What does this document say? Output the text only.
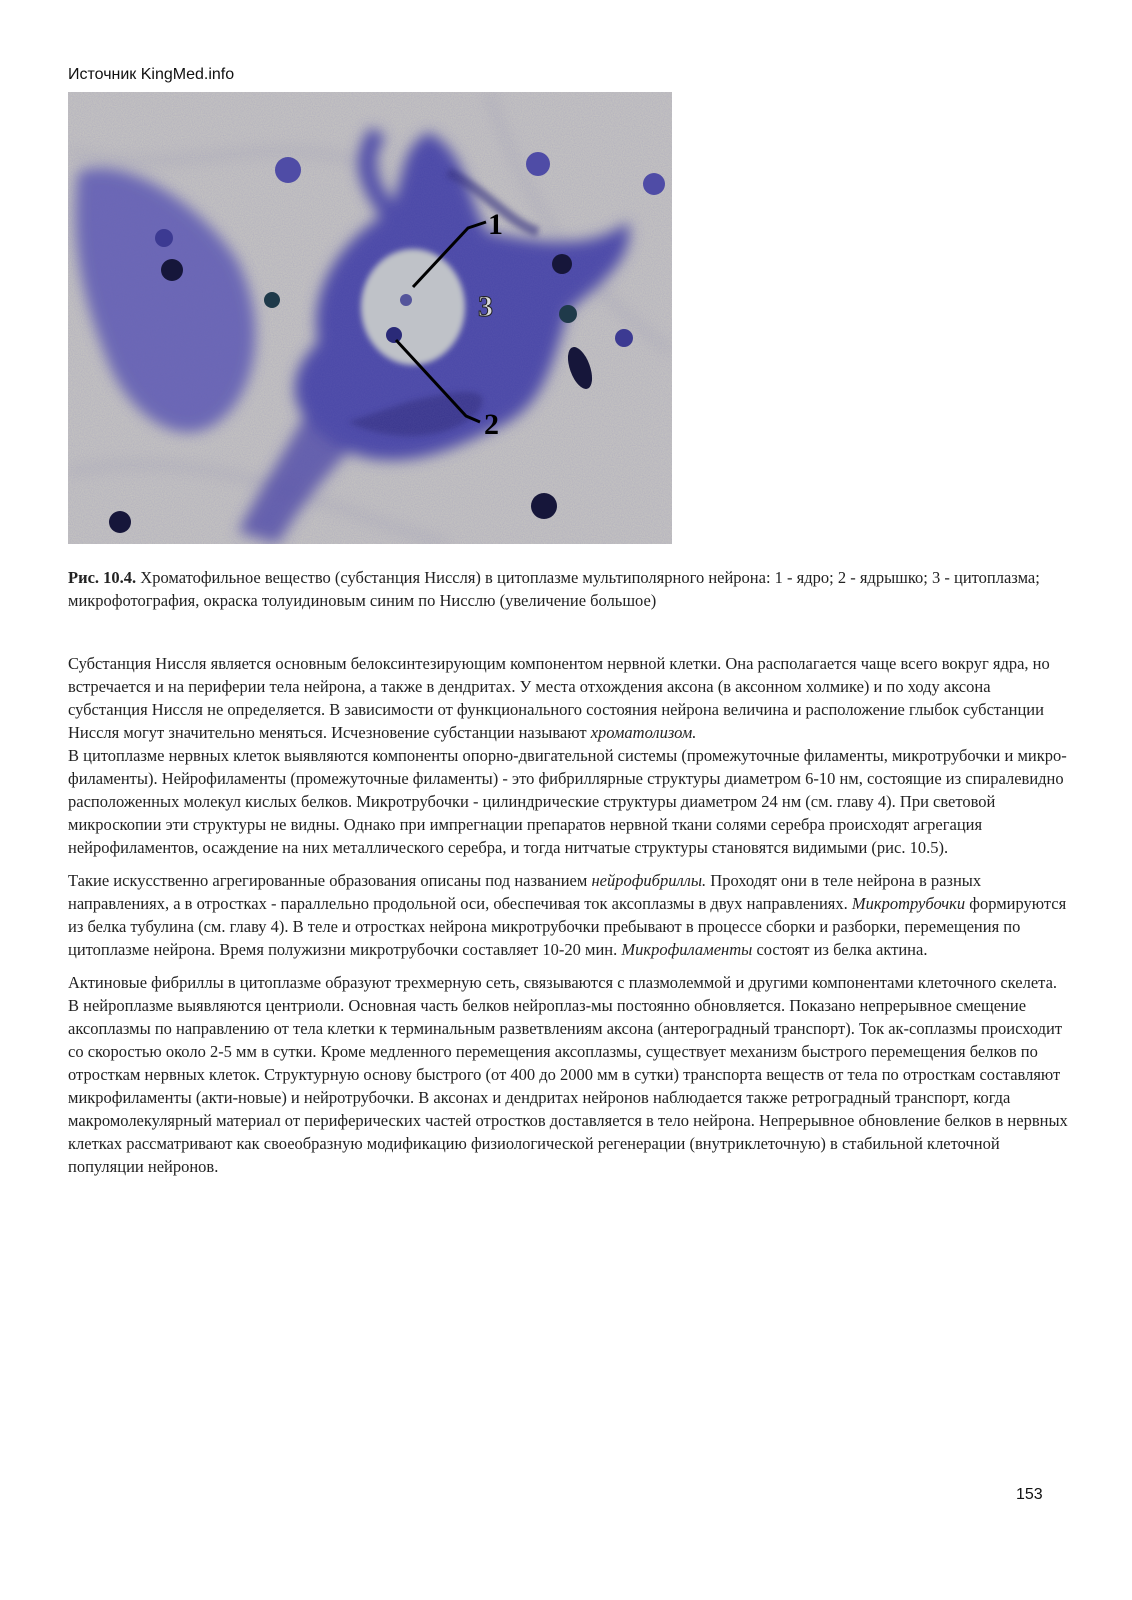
Источник KingMed.info
1
2
3
Рис. 10.4. Хроматофильное вещество (субстанция Ниссля) в цитоплазме мультиполярного нейрона: 1 - ядро; 2 - ядрышко; 3 - цитоплазма; микрофотография, окраска толуидиновым синим по Нисслю (увеличение большое)

Субстанция Ниссля является основным белоксинтезирующим компонентом нервной клетки. Она располагается чаще всего вокруг ядра, но встречается и на периферии тела нейрона, а также в дендритах. У места отхождения аксона (в аксонном холмике) и по ходу аксона субстанция Ниссля не определяется. В зависимости от функционального состояния нейрона величина и расположение глыбок субстанции Ниссля могут значительно меняться. Исчезновение субстанции называют хроматолизом.

В цитоплазме нервных клеток выявляются компоненты опорно-двигательной системы (промежуточные филаменты, микротрубочки и микро-филаменты). Нейрофиламенты (промежуточные филаменты) - это фибриллярные структуры диаметром 6-10 нм, состоящие из спиралевидно расположенных молекул кислых белков. Микротрубочки - цилиндрические структуры диаметром 24 нм (см. главу 4). При световой микроскопии эти структуры не видны. Однако при импрегнации препаратов нервной ткани солями серебра происходят агрегация нейрофиламентов, осаждение на них металлического серебра, и тогда нитчатые структуры становятся видимыми (рис. 10.5).

Такие искусственно агрегированные образования описаны под названием нейрофибриллы. Проходят они в теле нейрона в разных направлениях, а в отростках - параллельно продольной оси, обеспечивая ток аксоплазмы в двух направлениях. Микротрубочки формируются из белка тубулина (см. главу 4). В теле и отростках нейрона микротрубочки пребывают в процессе сборки и разборки, перемещения по цитоплазме нейрона. Время полужизни микротрубочки составляет 10-20 мин. Микрофиламенты состоят из белка актина.

Актиновые фибриллы в цитоплазме образуют трехмерную сеть, связываются с плазмолеммой и другими компонентами клеточного скелета. В нейроплазме выявляются центриоли. Основная часть белков нейроплаз-мы постоянно обновляется. Показано непрерывное смещение аксоплазмы по направлению от тела клетки к терминальным разветвлениям аксона (антероградный транспорт). Ток ак-соплазмы происходит со скоростью около 2-5 мм в сутки. Кроме медленного перемещения аксоплазмы, существует механизм быстрого перемещения белков по отросткам нервных клеток. Структурную основу быстрого (от 400 до 2000 мм в сутки) транспорта веществ от тела по отросткам составляют микрофиламенты (акти-новые) и нейротрубочки. В аксонах и дендритах нейронов наблюдается также ретроградный транспорт, когда макромолекулярный материал от периферических частей отростков доставляется в тело нейрона. Непрерывное обновление белков в нервных клетках рассматривают как своеобразную модификацию физиологической регенерации (внутриклеточную) в стабильной клеточной популяции нейронов.

153
